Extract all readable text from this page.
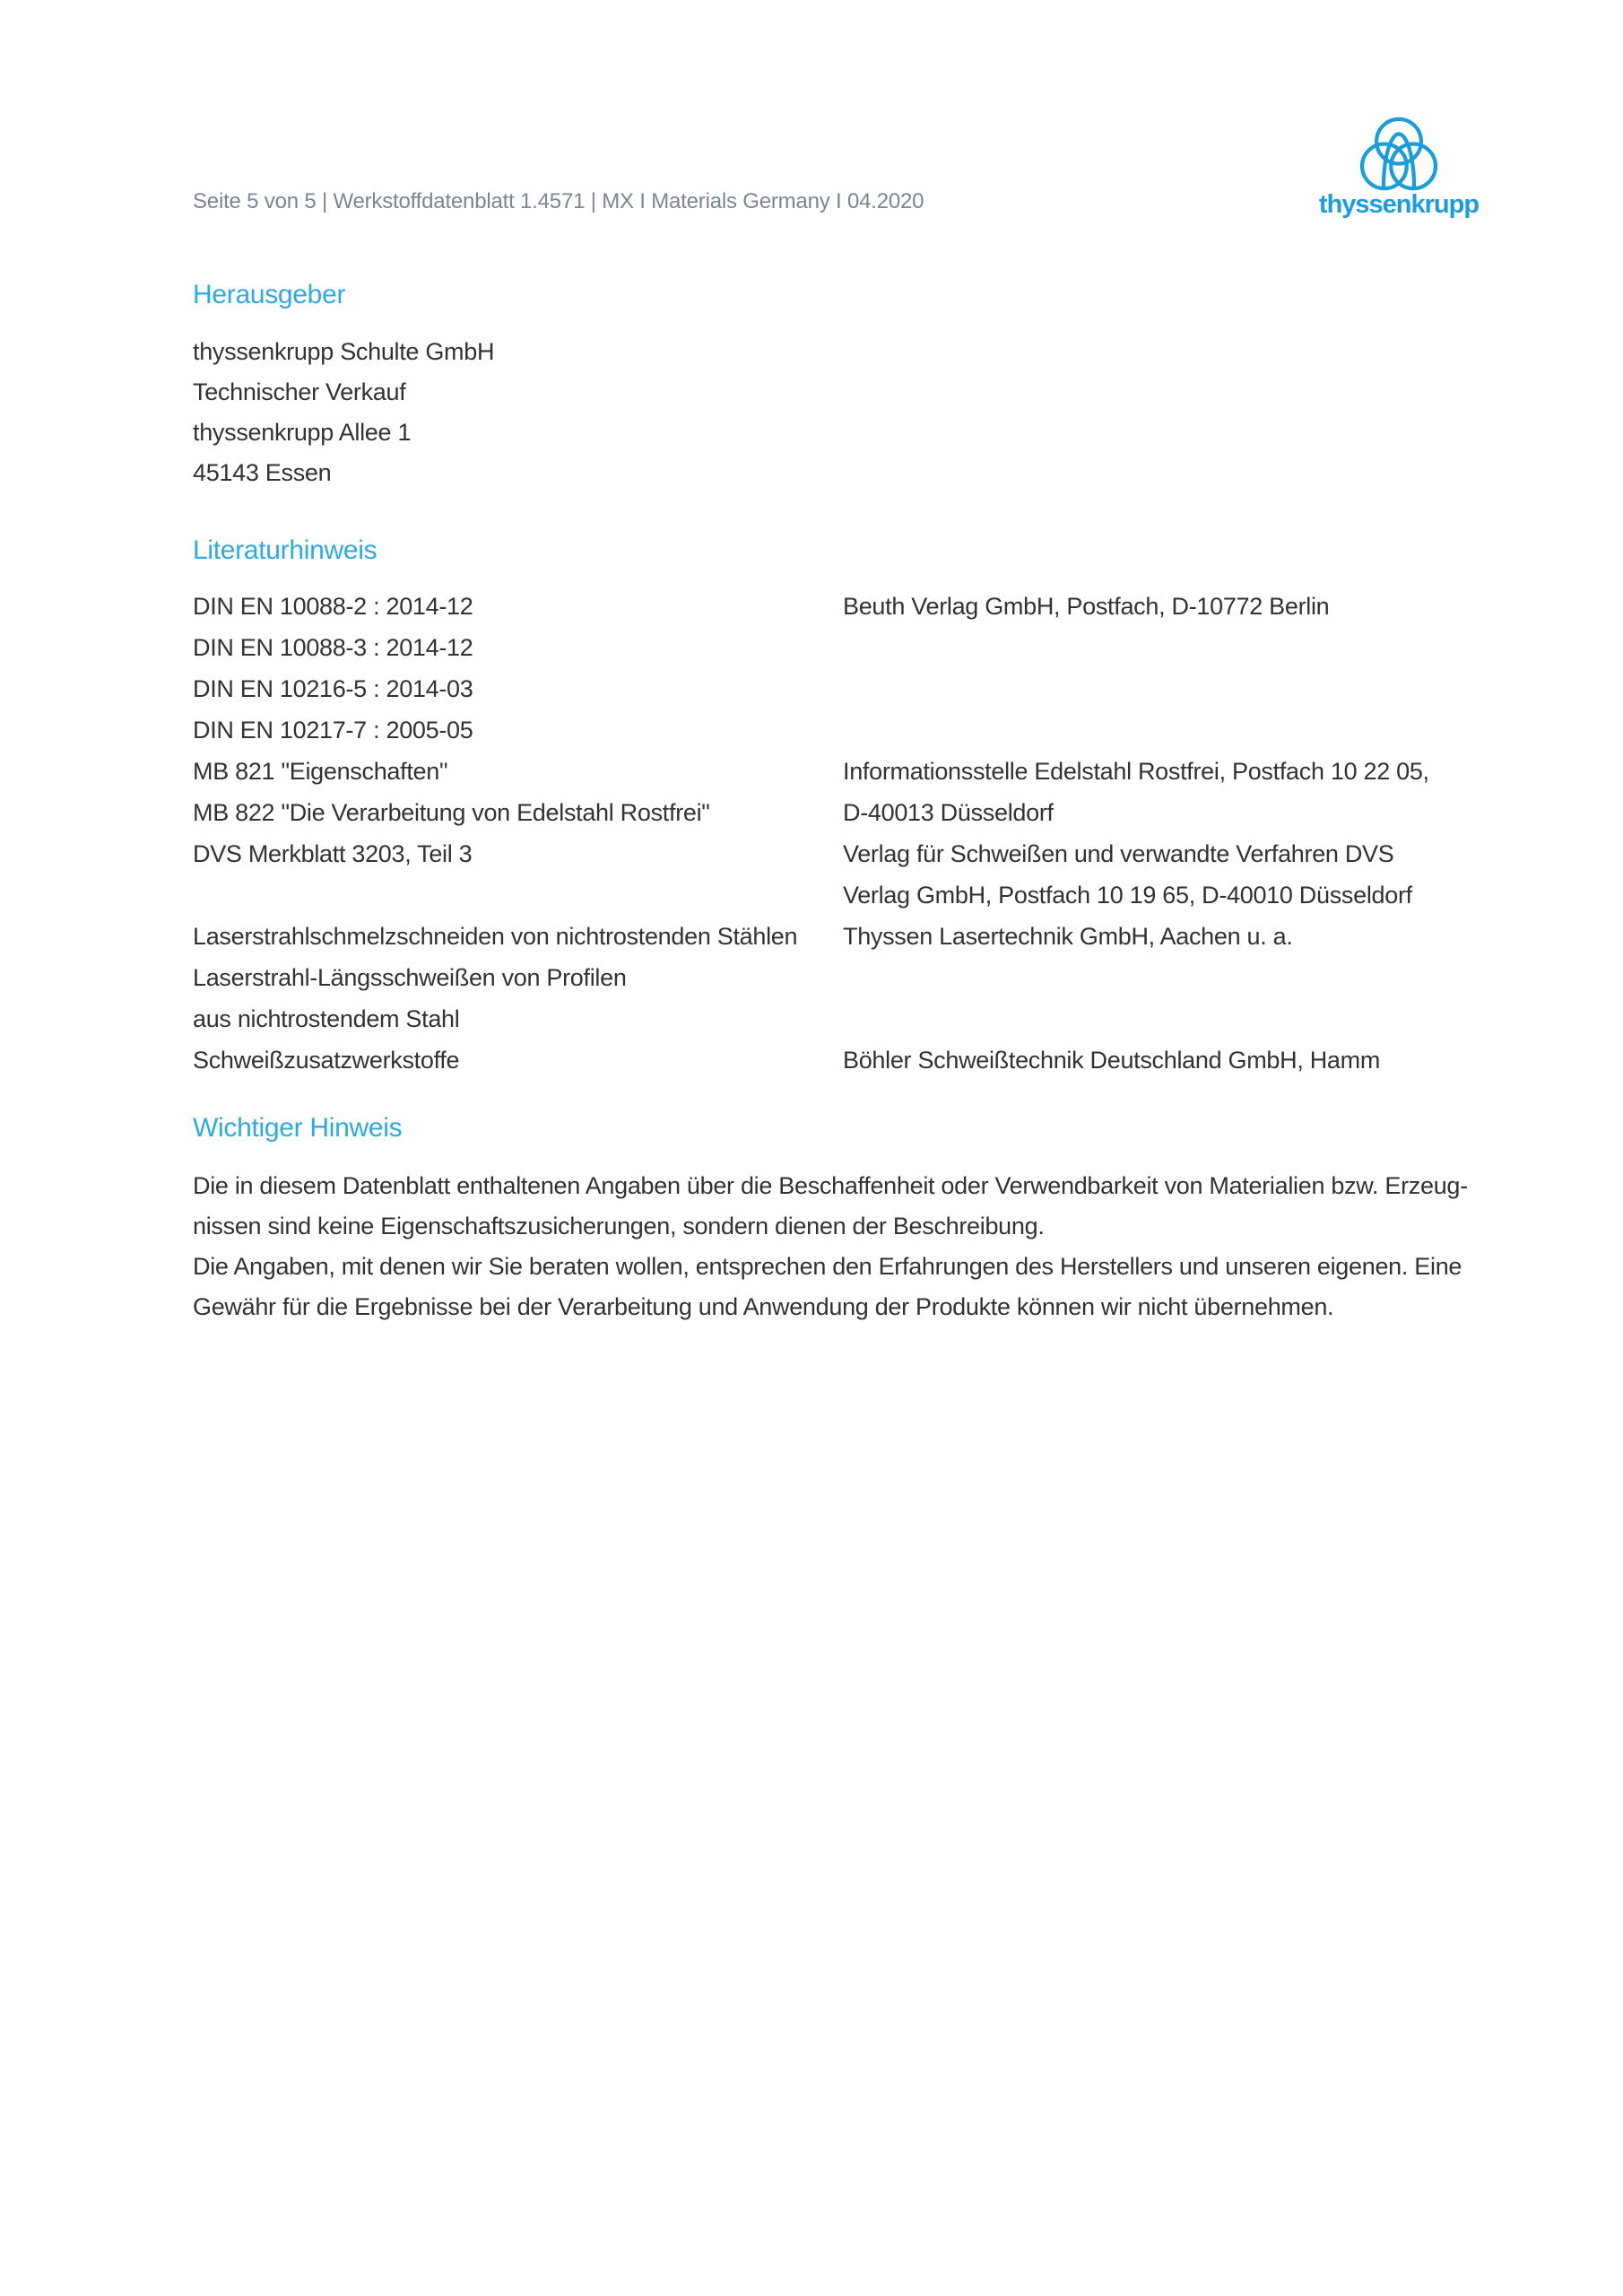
Seite 5 von 5 | Werkstoffdatenblatt 1.4571 | MX I Materials Germany I 04.2020	thyssenkrupp
Herausgeber
thyssenkrupp Schulte GmbH
Technischer Verkauf
thyssenkrupp Allee 1
45143 Essen
Literaturhinweis
DIN EN 10088-2 : 2014-12	Beuth Verlag GmbH, Postfach, D-10772 Berlin
DIN EN 10088-3 : 2014-12
DIN EN 10216-5 : 2014-03
DIN EN 10217-7 : 2005-05
MB 821 "Eigenschaften"	Informationsstelle Edelstahl Rostfrei, Postfach 10 22 05,
MB 822 "Die Verarbeitung von Edelstahl Rostfrei"	D-40013 Düsseldorf
DVS Merkblatt 3203, Teil 3	Verlag für Schweißen und verwandte Verfahren DVS
Verlag GmbH, Postfach 10 19 65, D-40010 Düsseldorf
Laserstrahlschmelzschneiden von nichtrostenden Stählen	Thyssen Lasertechnik GmbH, Aachen u. a.
Laserstrahl-Längsschweißen von Profilen
aus nichtrostendem Stahl
Schweißzusatzwerkstoffe	Böhler Schweißtechnik Deutschland GmbH, Hamm
Wichtiger Hinweis
Die in diesem Datenblatt enthaltenen Angaben über die Beschaffenheit oder Verwendbarkeit von Materialien bzw. Erzeug-
nissen sind keine Eigenschaftszusicherungen, sondern dienen der Beschreibung.
Die Angaben, mit denen wir Sie beraten wollen, entsprechen den Erfahrungen des Herstellers und unseren eigenen. Eine
Gewähr für die Ergebnisse bei der Verarbeitung und Anwendung der Produkte können wir nicht übernehmen.
